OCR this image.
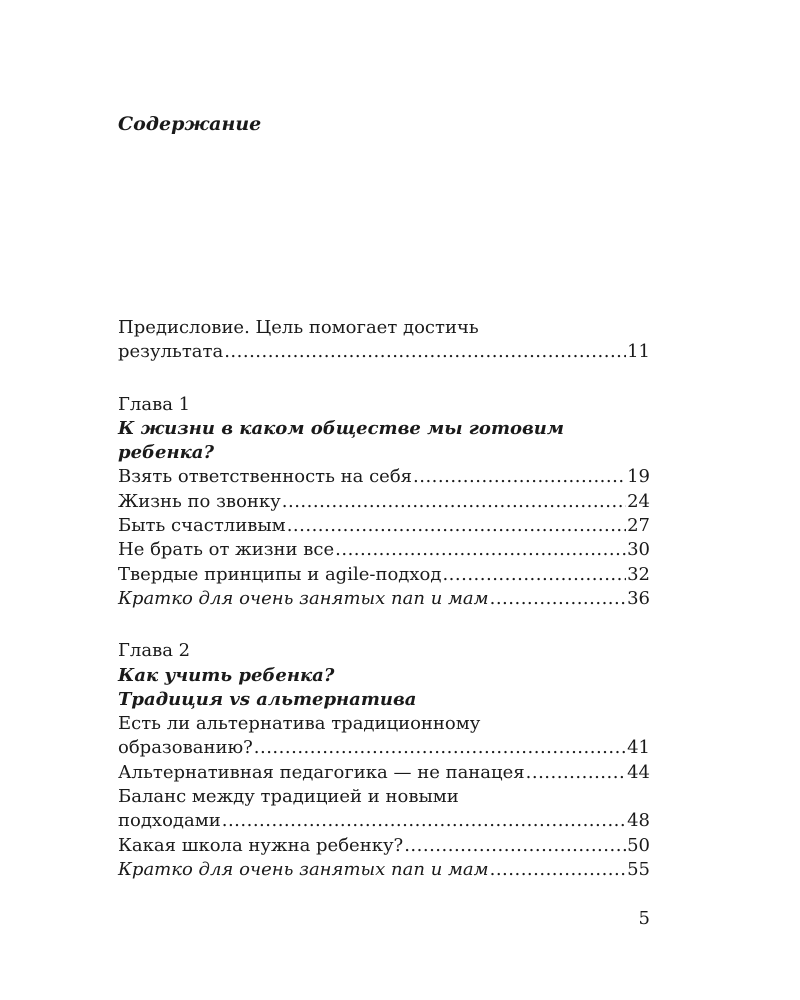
Содержание
Предисловие. Цель помогает достичь
результата .....	11
Глава 1
К жизни в каком обществе мы готовим
ребенка?
Взять ответственность на себя .....	19
Жизнь по звонку .....	24
Быть счастливым .....	27
Не брать от жизни все .....	30
Твердые принципы и agile-подход .....	32
Кратко для очень занятых пап и мам .....	36
Глава 2
Как учить ребенка?
Традиция vs альтернатива
Есть ли альтернатива традиционному
образованию? .....	41
Альтернативная педагогика — не панацея .....	44
Баланс между традицией и новыми
подходами .....	48
Какая школа нужна ребенку? .....	50
Кратко для очень занятых пап и мам .....	55
5
